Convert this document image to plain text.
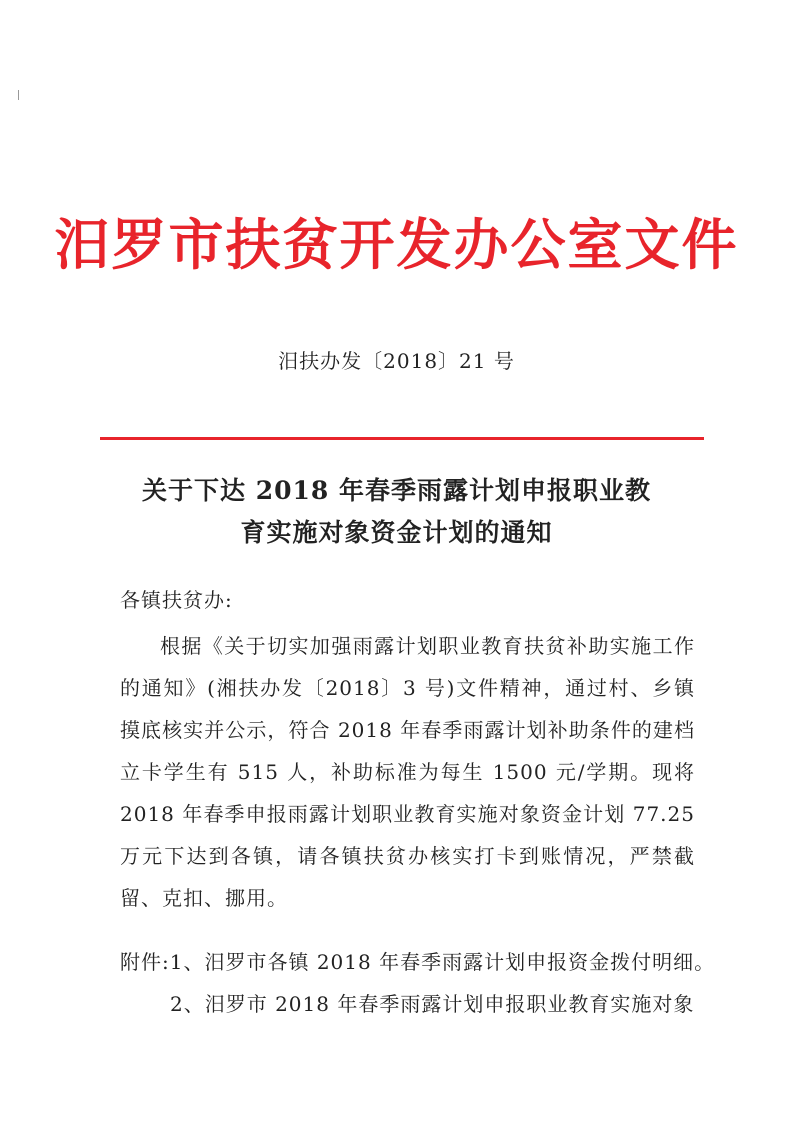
汨罗市扶贫开发办公室文件
汨扶办发〔2018〕21 号
关于下达 2018 年春季雨露计划申报职业教
育实施对象资金计划的通知
各镇扶贫办:
根据《关于切实加强雨露计划职业教育扶贫补助实施工作的通知》(湘扶办发〔2018〕3 号)文件精神，通过村、乡镇摸底核实并公示，符合 2018 年春季雨露计划补助条件的建档立卡学生有 515 人，补助标准为每生 1500 元/学期。现将 2018 年春季申报雨露计划职业教育实施对象资金计划 77.25 万元下达到各镇，请各镇扶贫办核实打卡到账情况，严禁截留、克扣、挪用。
附件:1、汨罗市各镇 2018 年春季雨露计划申报资金拨付明细。
2、汨罗市 2018 年春季雨露计划申报职业教育实施对象
